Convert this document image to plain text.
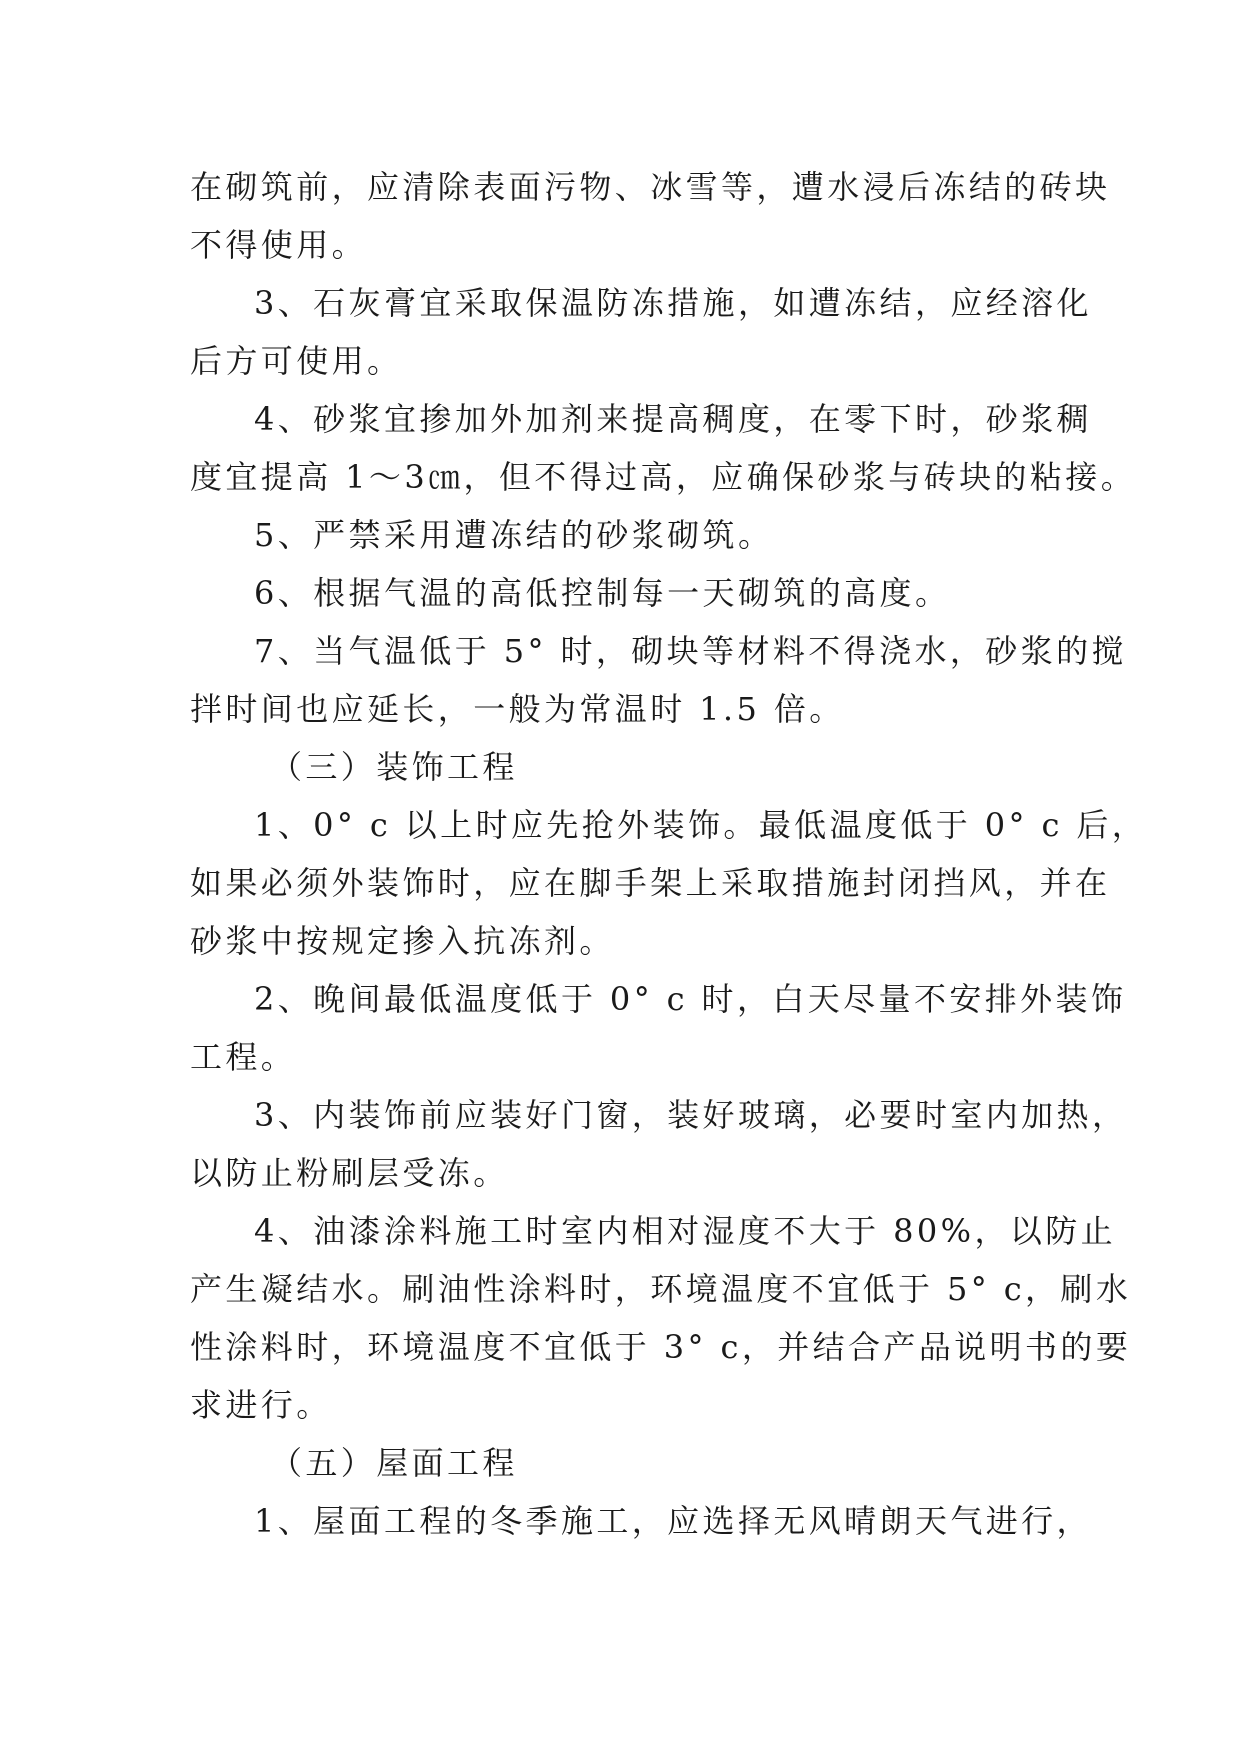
在砌筑前，应清除表面污物、冰雪等，遭水浸后冻结的砖块
不得使用。
3、石灰膏宜采取保温防冻措施，如遭冻结，应经溶化
后方可使用。
4、砂浆宜掺加外加剂来提高稠度，在零下时，砂浆稠
度宜提高 1～3㎝，但不得过高，应确保砂浆与砖块的粘接。
5、严禁采用遭冻结的砂浆砌筑。
6、根据气温的高低控制每一天砌筑的高度。
7、当气温低于 5° 时，砌块等材料不得浇水，砂浆的搅
拌时间也应延长，一般为常温时 1.5 倍。
（三）装饰工程
1、0° c 以上时应先抢外装饰。最低温度低于 0° c 后，
如果必须外装饰时，应在脚手架上采取措施封闭挡风，并在
砂浆中按规定掺入抗冻剂。
2、晚间最低温度低于 0° c 时，白天尽量不安排外装饰
工程。
3、内装饰前应装好门窗，装好玻璃，必要时室内加热，
以防止粉刷层受冻。
4、油漆涂料施工时室内相对湿度不大于 80%，以防止
产生凝结水。刷油性涂料时，环境温度不宜低于 5° c，刷水
性涂料时，环境温度不宜低于 3° c，并结合产品说明书的要
求进行。
（五）屋面工程
1、屋面工程的冬季施工，应选择无风晴朗天气进行，
